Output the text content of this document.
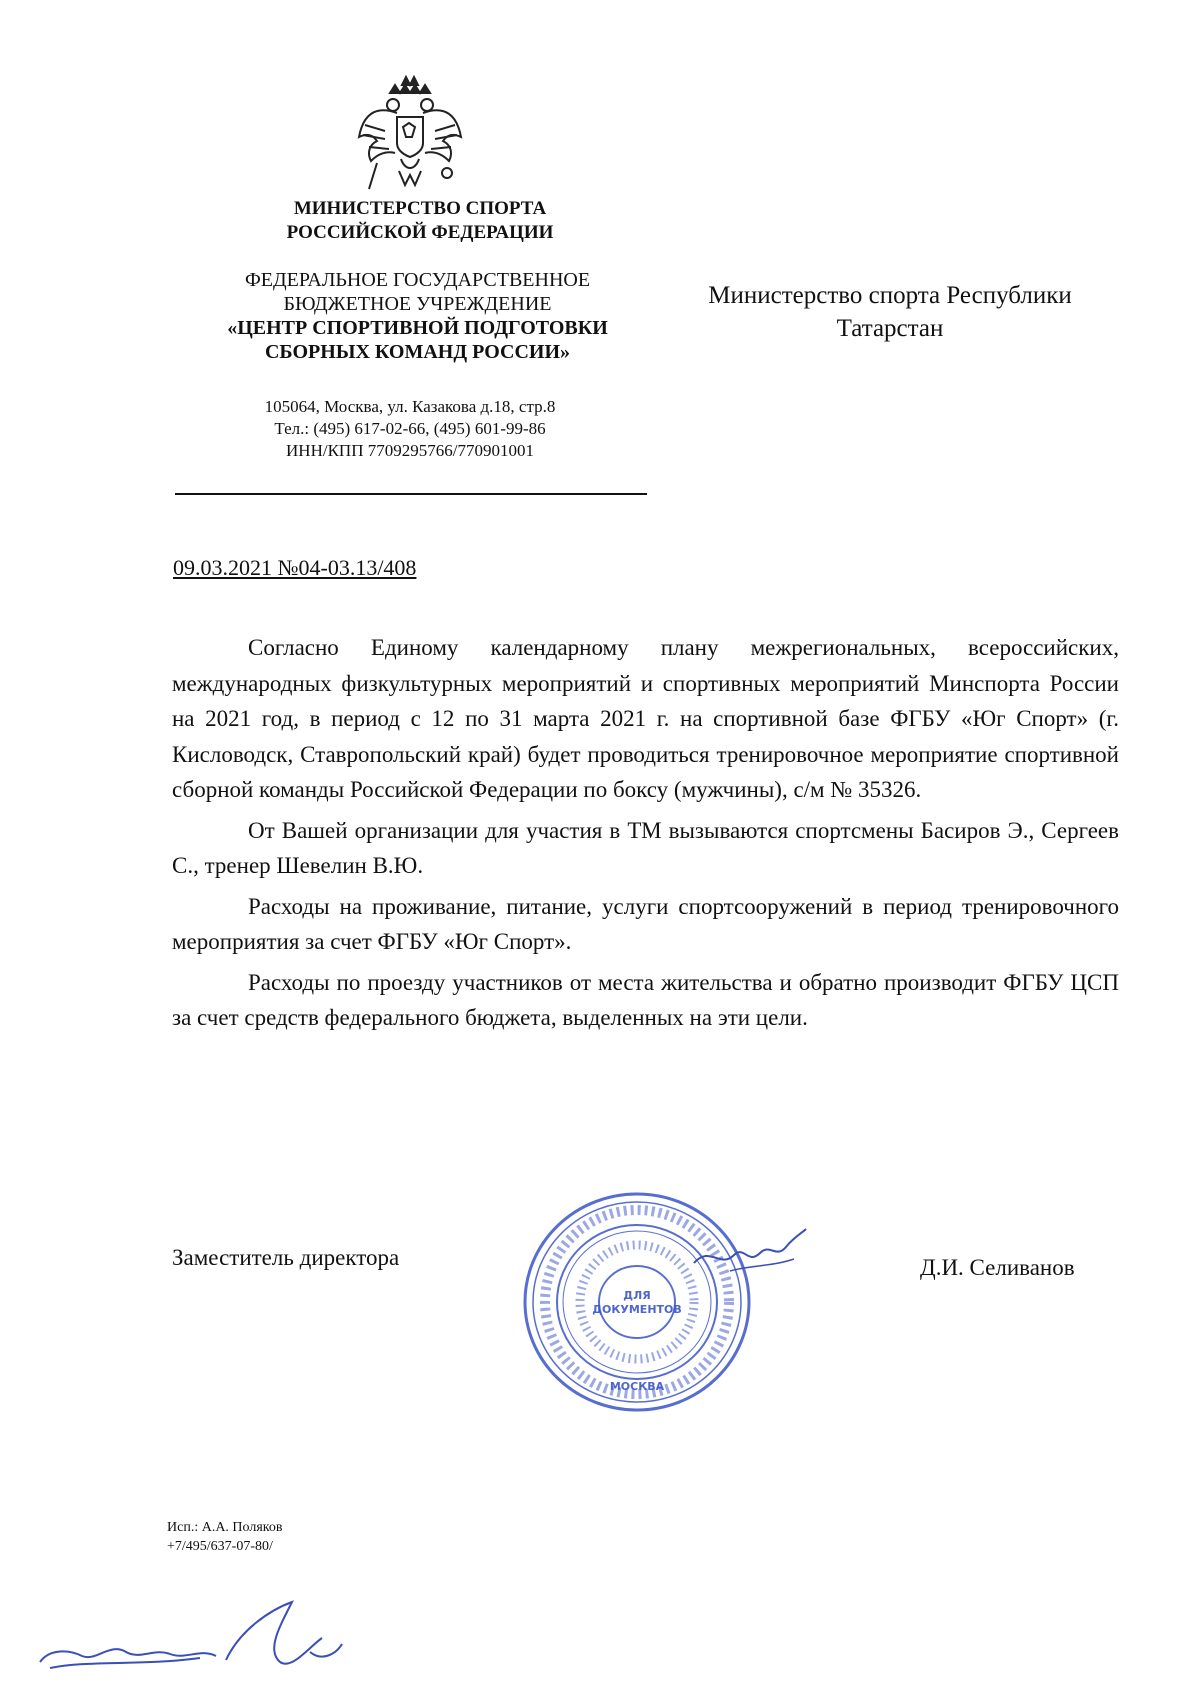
МИНИСТЕРСТВО СПОРТА
РОССИЙСКОЙ ФЕДЕРАЦИИ
ФЕДЕРАЛЬНОЕ ГОСУДАРСТВЕННОЕ
БЮДЖЕТНОЕ УЧРЕЖДЕНИЕ
«ЦЕНТР СПОРТИВНОЙ ПОДГОТОВКИ
СБОРНЫХ КОМАНД РОССИИ»
105064, Москва, ул. Казакова д.18, стр.8
Тел.: (495) 617-02-66, (495) 601-99-86
ИНН/КПП 7709295766/770901001
Министерство спорта Республики
Татарстан
09.03.2021 №04-03.13/408

Согласно Единому календарному плану межрегиональных, всероссийских, международных физкультурных мероприятий и спортивных мероприятий Минспорта России на 2021 год, в период с 12 по 31 марта 2021 г. на спортивной базе ФГБУ «Юг Спорт» (г. Кисловодск, Ставропольский край) будет проводиться тренировочное мероприятие спортивной сборной команды Российской Федерации по боксу (мужчины), с/м № 35326.

От Вашей организации для участия в ТМ вызываются спортсмены Басиров Э., Сергеев С., тренер Шевелин В.Ю.

Расходы на проживание, питание, услуги спортсооружений в период тренировочного мероприятия за счет ФГБУ «Юг Спорт».

Расходы по проезду участников от места жительства и обратно производит ФГБУ ЦСП за счет средств федерального бюджета, выделенных на эти цели.

Заместитель директора	Д.И. Селиванов
ДЛЯ
ДОКУМЕНТОВ
МОСКВА
Исп.: А.А. Поляков
+7/495/637-07-80/
